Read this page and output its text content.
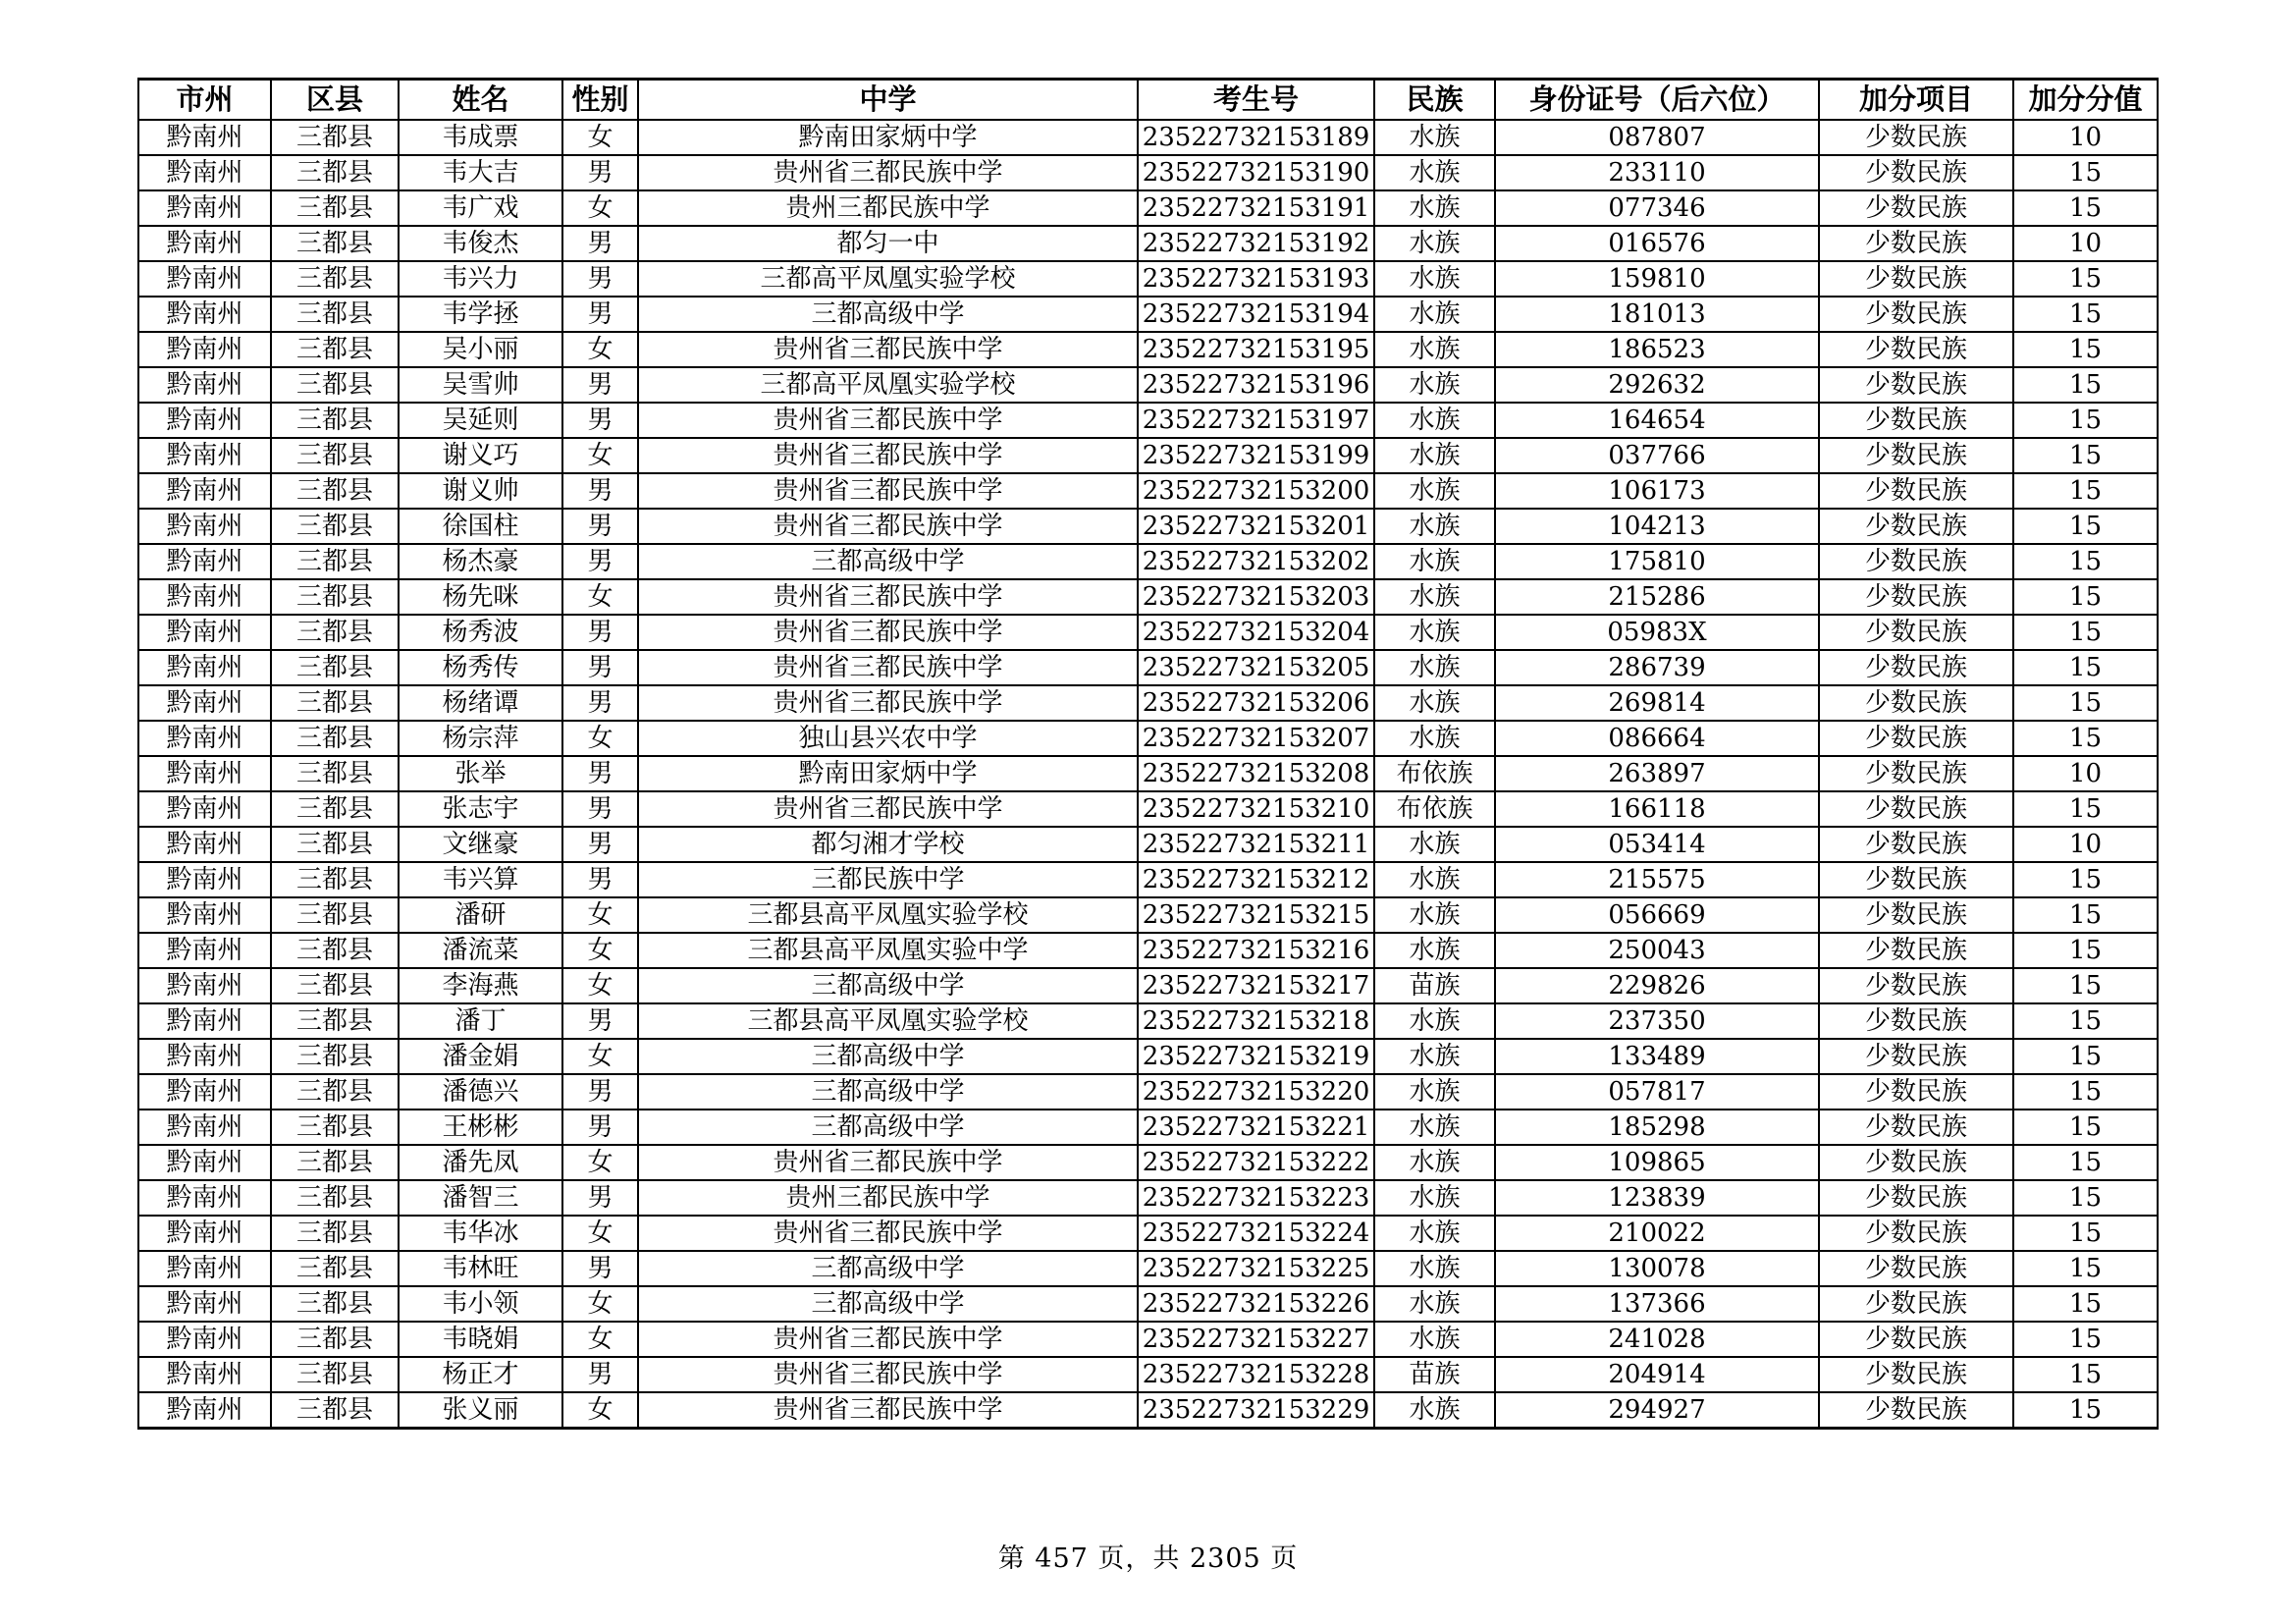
市州	区县	姓名	性别	中学	考生号	民族	身份证号（后六位）	加分项目	加分分值
黔南州	三都县	韦成票	女	黔南田家炳中学	23522732153189	水族	087807	少数民族	10
黔南州	三都县	韦大吉	男	贵州省三都民族中学	23522732153190	水族	233110	少数民族	15
黔南州	三都县	韦广戏	女	贵州三都民族中学	23522732153191	水族	077346	少数民族	15
黔南州	三都县	韦俊杰	男	都匀一中	23522732153192	水族	016576	少数民族	10
黔南州	三都县	韦兴力	男	三都高平凤凰实验学校	23522732153193	水族	159810	少数民族	15
黔南州	三都县	韦学拯	男	三都高级中学	23522732153194	水族	181013	少数民族	15
黔南州	三都县	吴小丽	女	贵州省三都民族中学	23522732153195	水族	186523	少数民族	15
黔南州	三都县	吴雪帅	男	三都高平凤凰实验学校	23522732153196	水族	292632	少数民族	15
黔南州	三都县	吴延则	男	贵州省三都民族中学	23522732153197	水族	164654	少数民族	15
黔南州	三都县	谢义巧	女	贵州省三都民族中学	23522732153199	水族	037766	少数民族	15
黔南州	三都县	谢义帅	男	贵州省三都民族中学	23522732153200	水族	106173	少数民族	15
黔南州	三都县	徐国柱	男	贵州省三都民族中学	23522732153201	水族	104213	少数民族	15
黔南州	三都县	杨杰豪	男	三都高级中学	23522732153202	水族	175810	少数民族	15
黔南州	三都县	杨先咪	女	贵州省三都民族中学	23522732153203	水族	215286	少数民族	15
黔南州	三都县	杨秀波	男	贵州省三都民族中学	23522732153204	水族	05983X	少数民族	15
黔南州	三都县	杨秀传	男	贵州省三都民族中学	23522732153205	水族	286739	少数民族	15
黔南州	三都县	杨绪谭	男	贵州省三都民族中学	23522732153206	水族	269814	少数民族	15
黔南州	三都县	杨宗萍	女	独山县兴农中学	23522732153207	水族	086664	少数民族	15
黔南州	三都县	张举	男	黔南田家炳中学	23522732153208	布依族	263897	少数民族	10
黔南州	三都县	张志宇	男	贵州省三都民族中学	23522732153210	布依族	166118	少数民族	15
黔南州	三都县	文继豪	男	都匀湘才学校	23522732153211	水族	053414	少数民族	10
黔南州	三都县	韦兴算	男	三都民族中学	23522732153212	水族	215575	少数民族	15
黔南州	三都县	潘研	女	三都县高平凤凰实验学校	23522732153215	水族	056669	少数民族	15
黔南州	三都县	潘流菜	女	三都县高平凤凰实验中学	23522732153216	水族	250043	少数民族	15
黔南州	三都县	李海燕	女	三都高级中学	23522732153217	苗族	229826	少数民族	15
黔南州	三都县	潘丁	男	三都县高平凤凰实验学校	23522732153218	水族	237350	少数民族	15
黔南州	三都县	潘金娟	女	三都高级中学	23522732153219	水族	133489	少数民族	15
黔南州	三都县	潘德兴	男	三都高级中学	23522732153220	水族	057817	少数民族	15
黔南州	三都县	王彬彬	男	三都高级中学	23522732153221	水族	185298	少数民族	15
黔南州	三都县	潘先凤	女	贵州省三都民族中学	23522732153222	水族	109865	少数民族	15
黔南州	三都县	潘智三	男	贵州三都民族中学	23522732153223	水族	123839	少数民族	15
黔南州	三都县	韦华冰	女	贵州省三都民族中学	23522732153224	水族	210022	少数民族	15
黔南州	三都县	韦林旺	男	三都高级中学	23522732153225	水族	130078	少数民族	15
黔南州	三都县	韦小领	女	三都高级中学	23522732153226	水族	137366	少数民族	15
黔南州	三都县	韦晓娟	女	贵州省三都民族中学	23522732153227	水族	241028	少数民族	15
黔南州	三都县	杨正才	男	贵州省三都民族中学	23522732153228	苗族	204914	少数民族	15
黔南州	三都县	张义丽	女	贵州省三都民族中学	23522732153229	水族	294927	少数民族	15
第 457 页，共 2305 页
